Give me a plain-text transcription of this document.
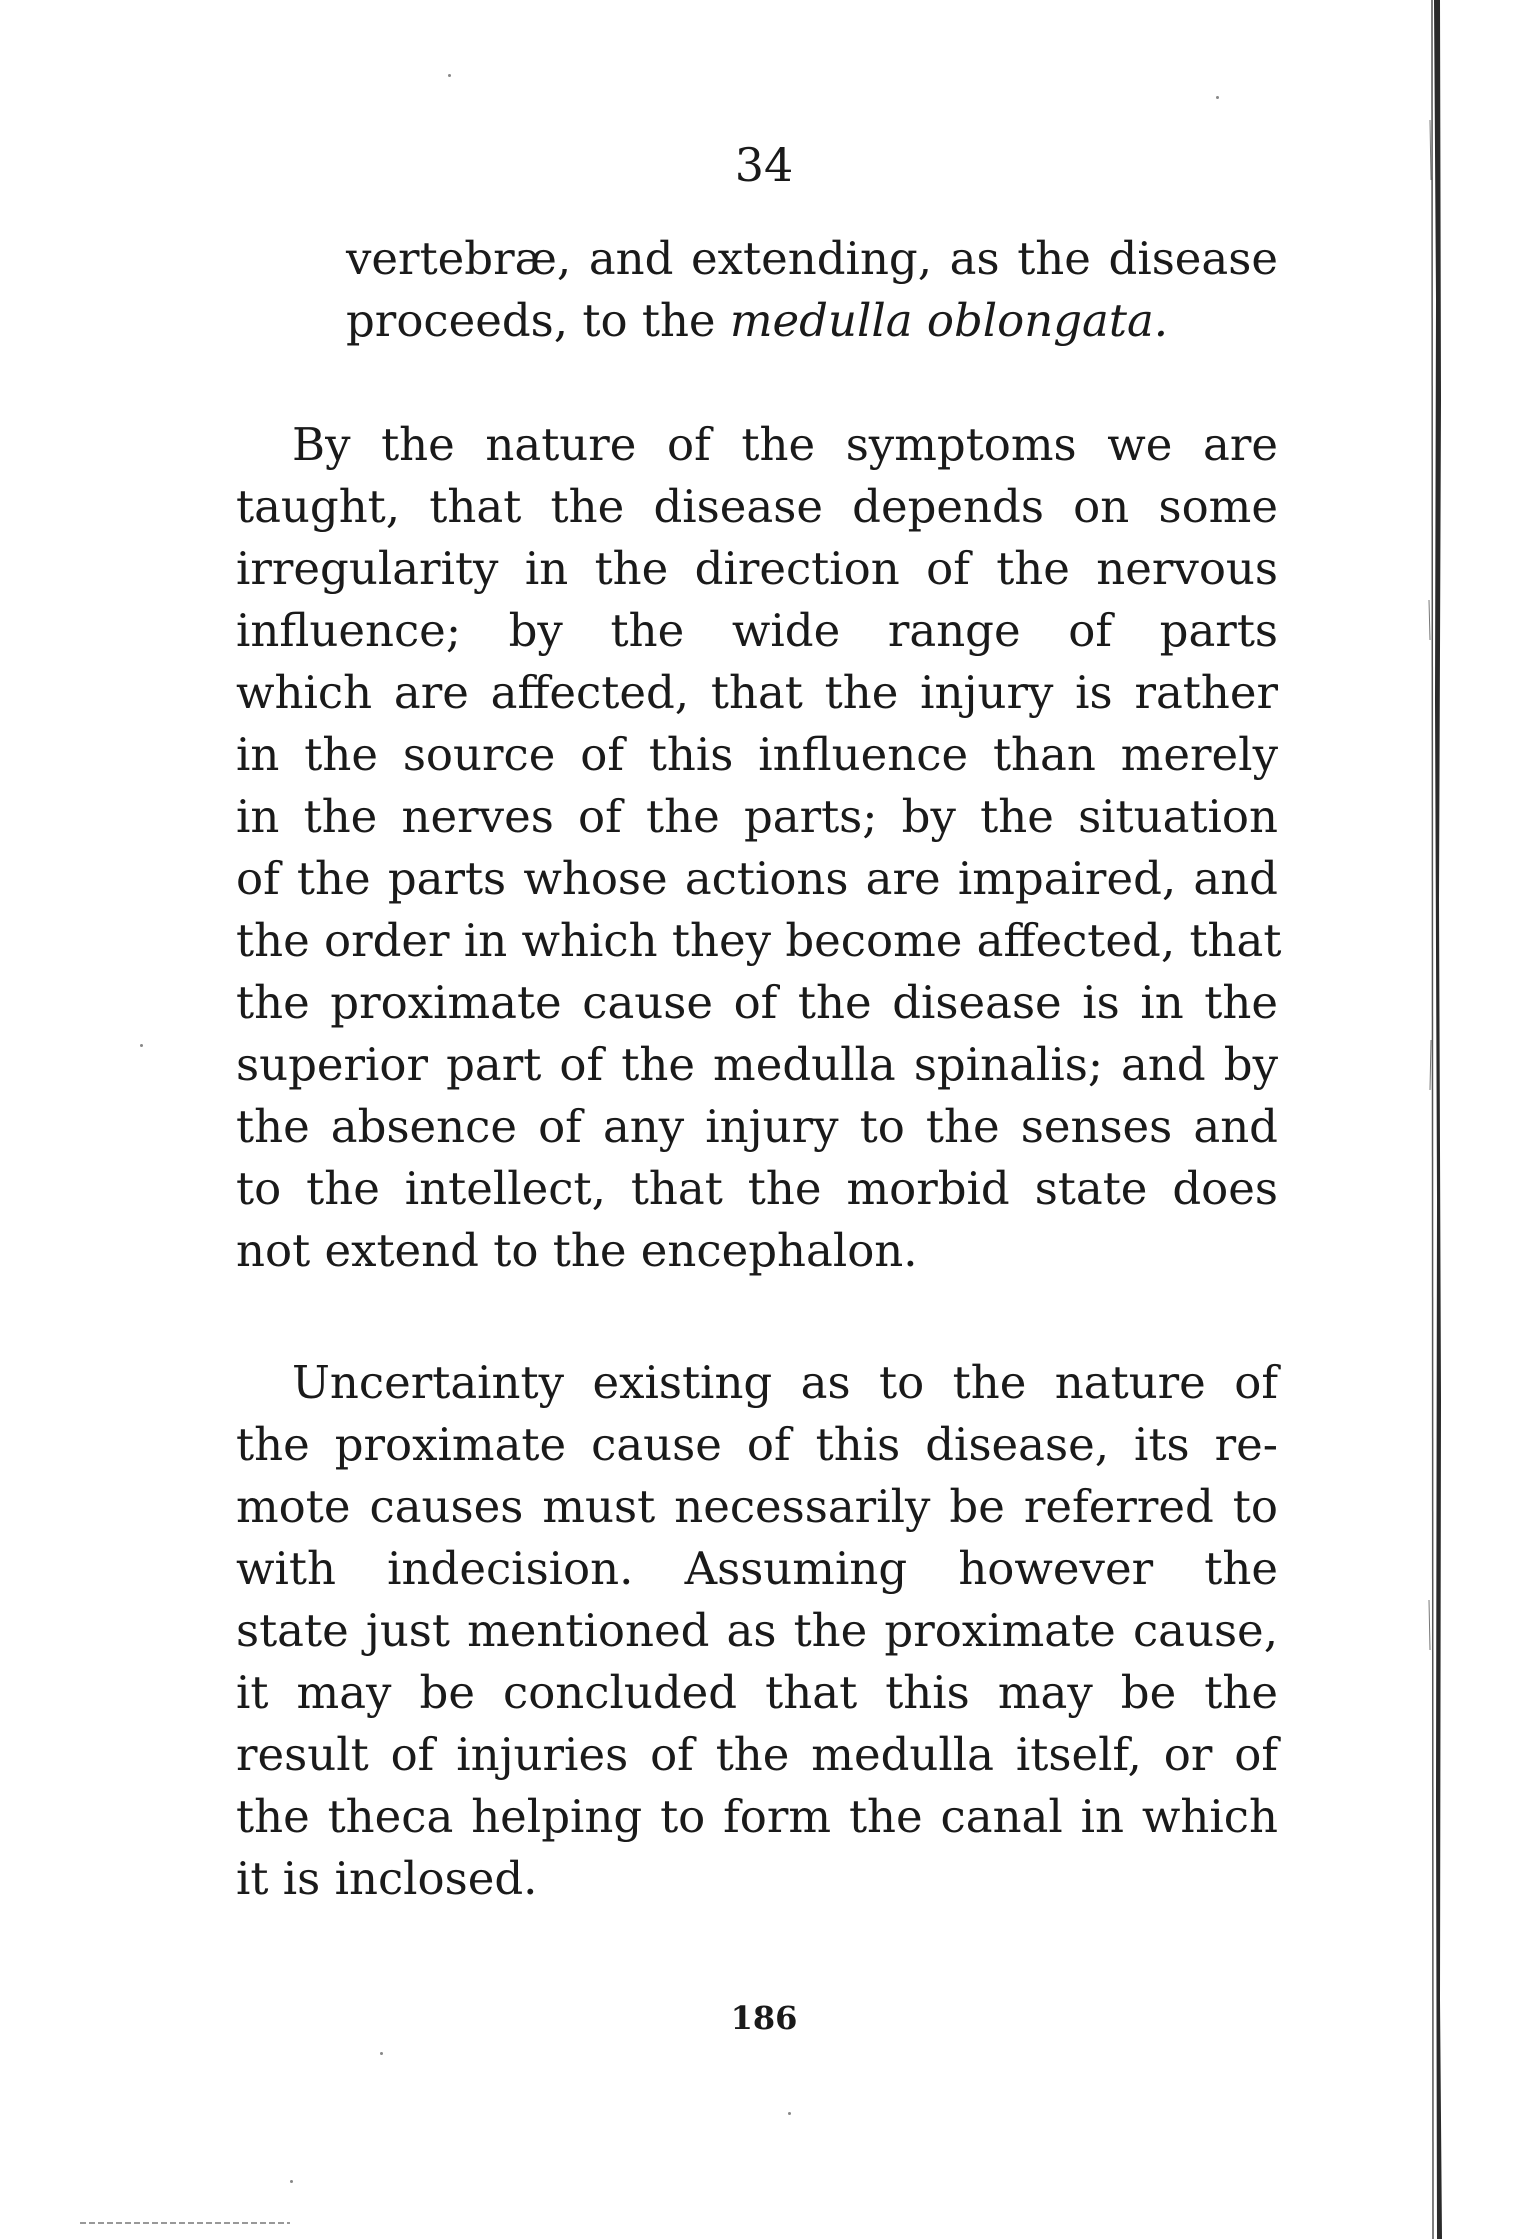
34
vertebræ, and extending, as the disease
proceeds, to the medulla oblongata.
By the nature of the symptoms we are
taught, that the disease depends on some
irregularity in the direction of the nervous
influence; by the wide range of parts
which are affected, that the injury is rather
in the source of this influence than merely
in the nerves of the parts; by the situation
of the parts whose actions are impaired, and
the order in which they become affected, that
the proximate cause of the disease is in the
superior part of the medulla spinalis; and by
the absence of any injury to the senses and
to the intellect, that the morbid state does
not extend to the encephalon.
Uncertainty existing as to the nature of
the proximate cause of this disease, its re-
mote causes must necessarily be referred to
with indecision. Assuming however the
state just mentioned as the proximate cause,
it may be concluded that this may be the
result of injuries of the medulla itself, or of
the theca helping to form the canal in which
it is inclosed.
186
